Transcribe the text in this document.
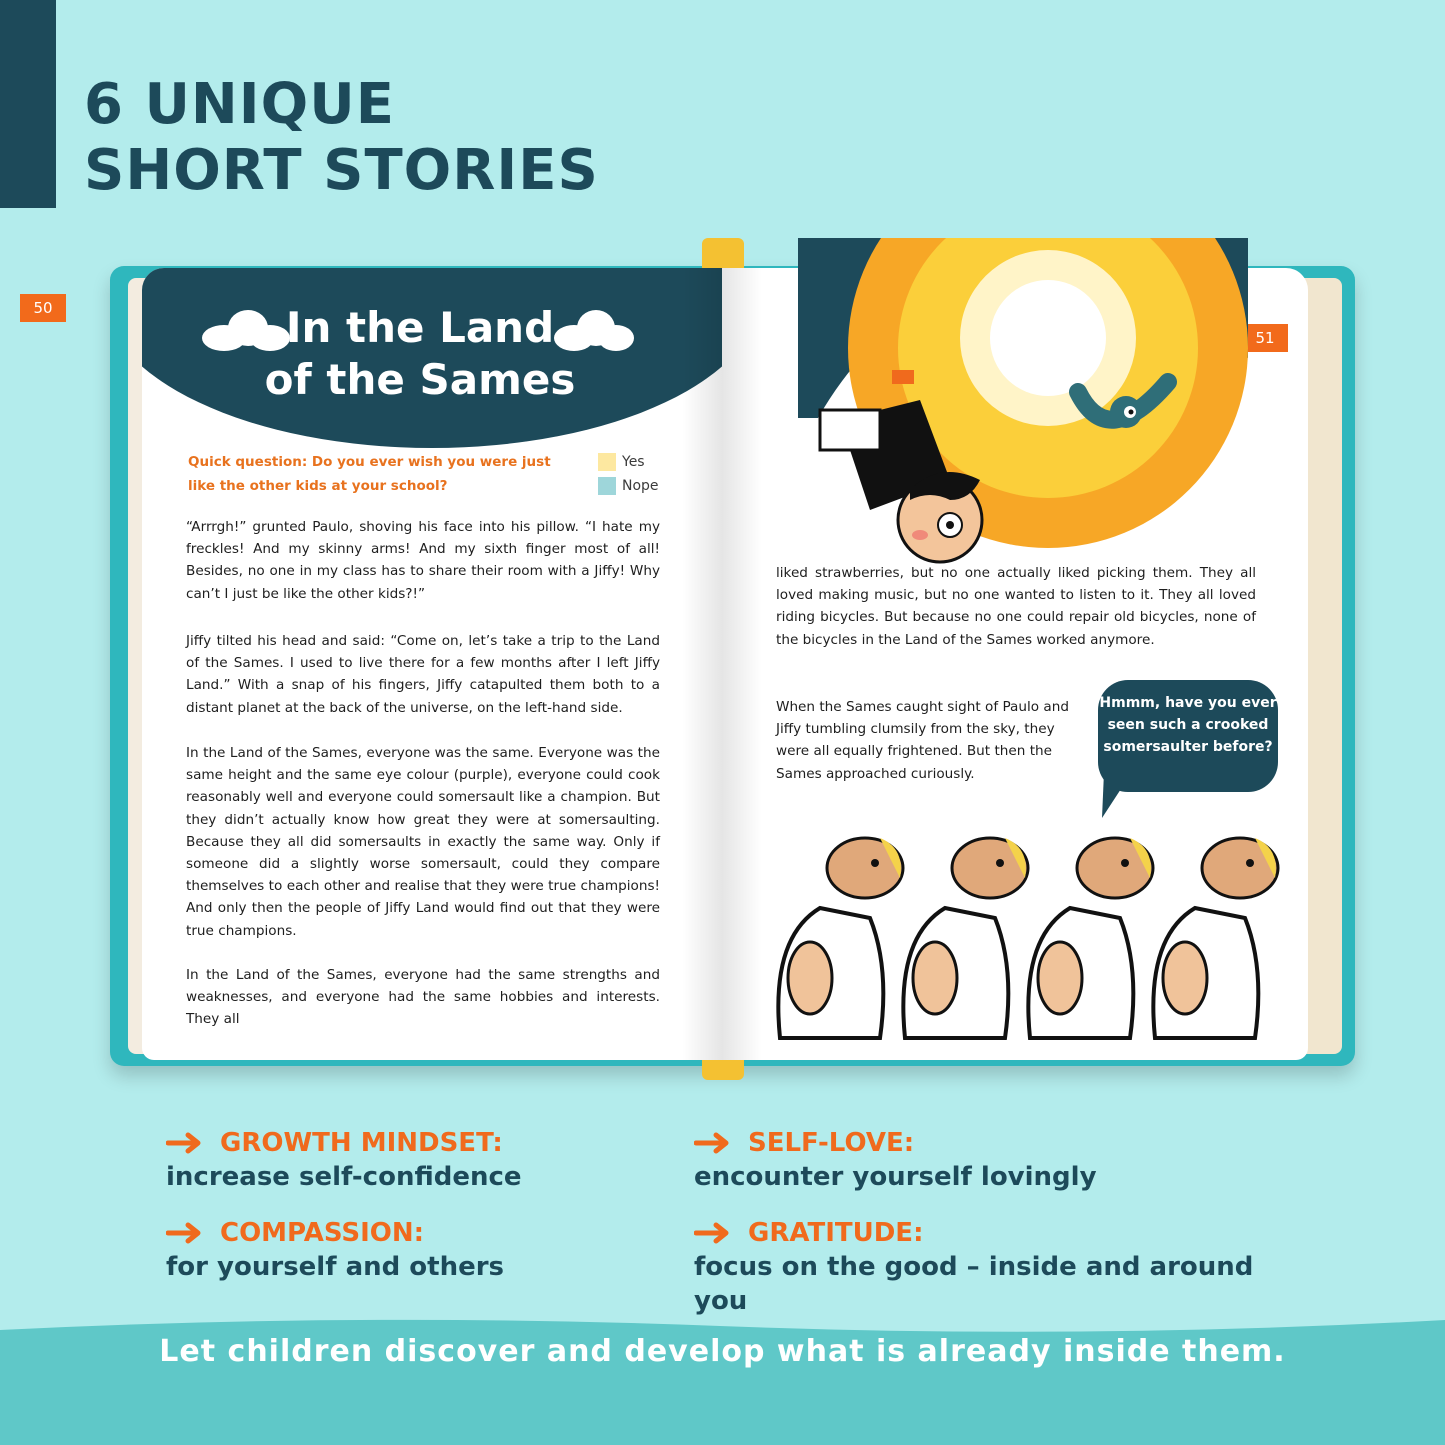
6 UNIQUE
SHORT STORIES
50
51
In the Land
of the Sames
Quick question: Do you ever wish you were just like the other kids at your school?
Yes
Nope
“Arrrgh!” grunted Paulo, shoving his face into his pillow. “I hate my freckles! And my skinny arms! And my sixth finger most of all! Besides, no one in my class has to share their room with a Jiffy! Why can’t I just be like the other kids?!”
Jiffy tilted his head and said: “Come on, let’s take a trip to the Land of the Sames. I used to live there for a few months after I left Jiffy Land.” With a snap of his fingers, Jiffy catapulted them both to a distant planet at the back of the universe, on the left-hand side.
In the Land of the Sames, everyone was the same. Everyone was the same height and the same eye colour (purple), everyone could cook reasonably well and everyone could somersault like a champion. But they didn’t actually know how great they were at somersaulting. Because they all did somersaults in exactly the same way. Only if someone did a slightly worse somersault, could they compare themselves to each other and realise that they were true champions! And only then the people of Jiffy Land would find out that they were true champions.
In the Land of the Sames, everyone had the same strengths and weaknesses, and everyone had the same hobbies and interests. They all
liked strawberries, but no one actually liked picking them. They all loved making music, but no one wanted to listen to it. They all loved riding bicycles. But because no one could repair old bicycles, none of the bicycles in the Land of the Sames worked anymore.
When the Sames caught sight of Paulo and Jiffy tumbling clumsily from the sky, they were all equally frightened. But then the Sames approached curiously.
Hmmm, have you ever seen such a crooked somersaulter before?
GROWTH MINDSET:
increase self-confidence
SELF-LOVE:
encounter yourself lovingly
COMPASSION:
for yourself and others
GRATITUDE:
focus on the good – inside and around you
Let children discover and develop what is already inside them.
